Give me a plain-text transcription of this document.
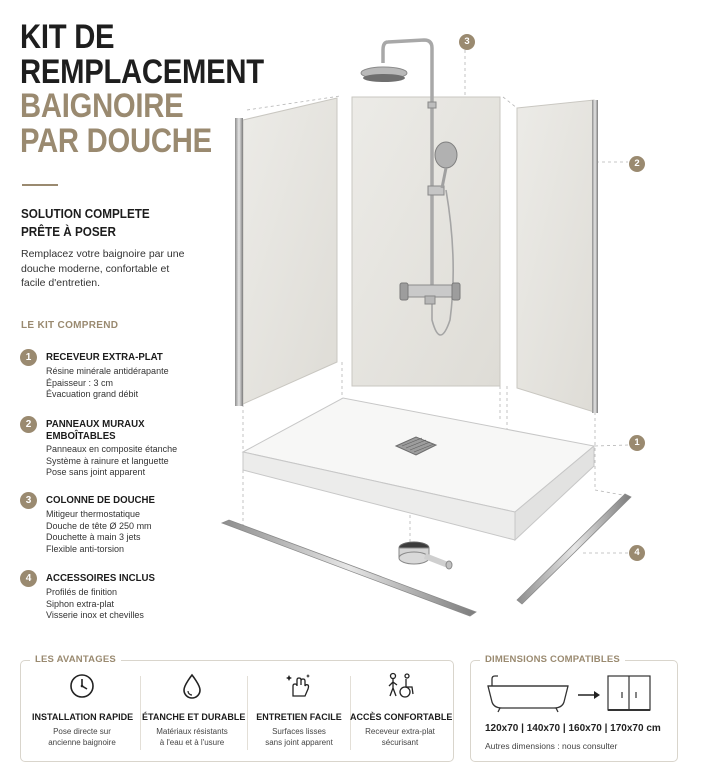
KIT DE
REMPLACEMENT
BAIGNOIRE
PAR DOUCHE
SOLUTION COMPLETE
PRÊTE À POSER
Remplacez votre baignoire par une douche moderne, confortable et facile d'entretien.
LE KIT COMPREND
1	RECEVEUR EXTRA-PLAT
Résine minérale antidérapante
Épaisseur : 3 cm
Évacuation grand débit
2	PANNEAUX MURAUX EMBOÎTABLES
Panneaux en composite étanche
Système à rainure et languette
Pose sans joint apparent
3	COLONNE DE DOUCHE
Mitigeur thermostatique
Douche de tête Ø 250 mm
Douchette à main 3 jets
Flexible anti-torsion
4	ACCESSOIRES INCLUS
Profilés de finition
Siphon extra-plat
Visserie inox et chevilles
3
2
1
4
LES AVANTAGES
INSTALLATION RAPIDE
Pose directe sur
ancienne baignoire
ÉTANCHE ET DURABLE
Matériaux résistants
à l'eau et à l'usure
ENTRETIEN FACILE
Surfaces lisses
sans joint apparent
ACCÈS CONFORTABLE
Receveur extra-plat
sécurisant
DIMENSIONS COMPATIBLES
120x70 | 140x70 | 160x70 | 170x70 cm
Autres dimensions : nous consulter
